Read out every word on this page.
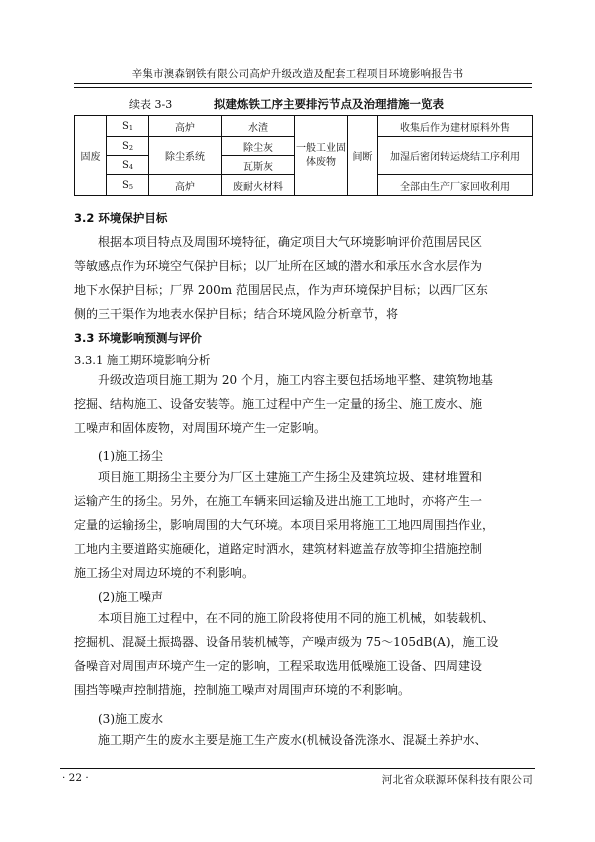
辛集市澳森钢铁有限公司高炉升级改造及配套工程项目环境影响报告书
续表 3-3	拟建炼铁工序主要排污节点及治理措施一览表
固废	$S_1$	高炉	水渣	一般工业固体废物	间断	收集后作为建材原料外售
	$S_2$	除尘系统	除尘灰			加湿后密闭转运烧结工序利用
	$S_4$		瓦斯灰			
	$S_5$	高炉	废耐火材料			全部由生产厂家回收利用
3.2 环境保护目标
根据本项目特点及周围环境特征，确定项目大气环境影响评价范围居民区
等敏感点作为环境空气保护目标；以厂址所在区域的潜水和承压水含水层作为
地下水保护目标；厂界 200m 范围居民点，作为声环境保护目标；以西厂区东
侧的三干渠作为地表水保护目标；结合环境风险分析章节，将
3.3 环境影响预测与评价
3.3.1 施工期环境影响分析
升级改造项目施工期为 20 个月，施工内容主要包括场地平整、建筑物地基
挖掘、结构施工、设备安装等。施工过程中产生一定量的扬尘、施工废水、施
工噪声和固体废物，对周围环境产生一定影响。
(1)施工扬尘
项目施工期扬尘主要分为厂区土建施工产生扬尘及建筑垃圾、建材堆置和
运输产生的扬尘。另外，在施工车辆来回运输及进出施工工地时，亦将产生一
定量的运输扬尘，影响周围的大气环境。本项目采用将施工工地四周围挡作业，
工地内主要道路实施硬化，道路定时洒水，建筑材料遮盖存放等抑尘措施控制
施工扬尘对周边环境的不利影响。
(2)施工噪声
本项目施工过程中，在不同的施工阶段将使用不同的施工机械，如装载机、
挖掘机、混凝土振捣器、设备吊装机械等，产噪声级为 75～105dB(A)，施工设
备噪音对周围声环境产生一定的影响，工程采取选用低噪施工设备、四周建设
围挡等噪声控制措施，控制施工噪声对周围声环境的不利影响。
(3)施工废水
施工期产生的废水主要是施工生产废水(机械设备洗涤水、混凝土养护水、
· 22 ·	河北省众联源环保科技有限公司
